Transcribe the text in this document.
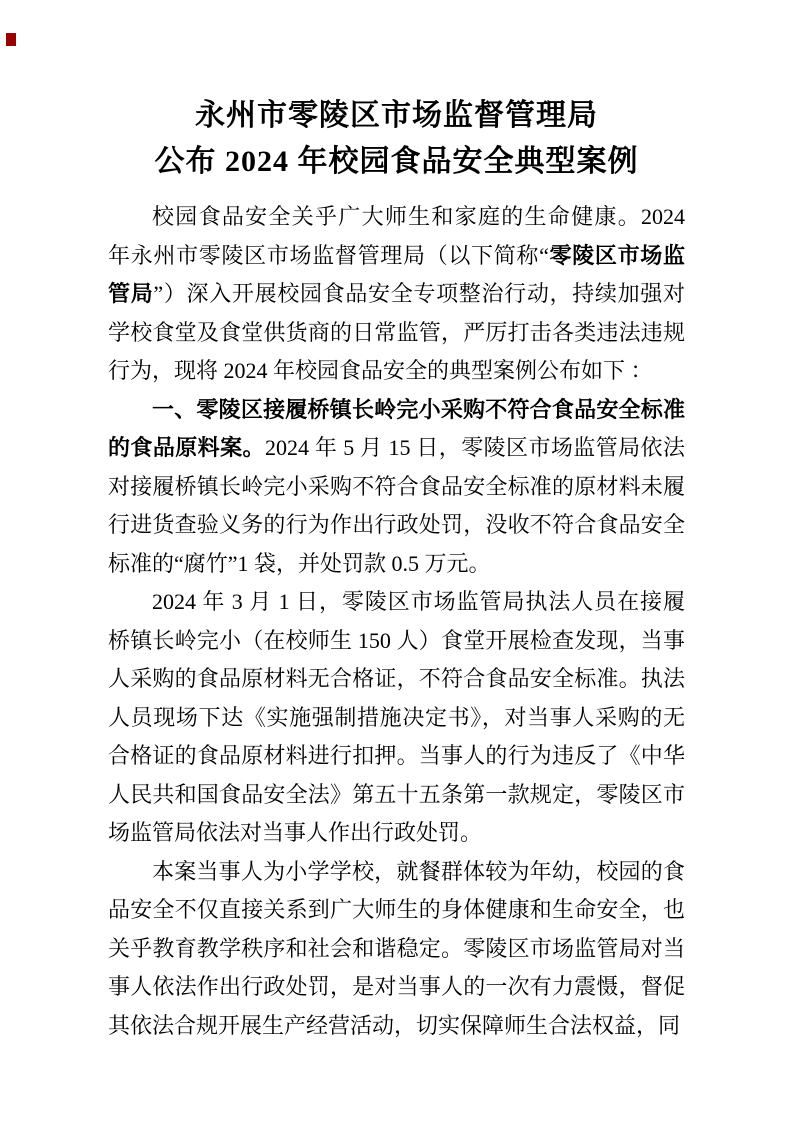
永州市零陵区市场监督管理局
公布 2024 年校园食品安全典型案例

校园食品安全关乎广大师生和家庭的生命健康。2024 年永州市零陵区市场监督管理局（以下简称“零陵区市场监管局”）深入开展校园食品安全专项整治行动，持续加强对学校食堂及食堂供货商的日常监管，严厉打击各类违法违规行为，现将 2024 年校园食品安全的典型案例公布如下 ：

一、零陵区接履桥镇长岭完小采购不符合食品安全标准的食品原料案。2024 年 5 月 15 日，零陵区市场监管局依法对接履桥镇长岭完小采购不符合食品安全标准的原材料未履行进货查验义务的行为作出行政处罚，没收不符合食品安全标准的“腐竹”1 袋，并处罚款 0.5 万元。

2024 年 3 月 1 日，零陵区市场监管局执法人员在接履桥镇长岭完小（在校师生 150 人）食堂开展检查发现，当事人采购的食品原材料无合格证，不符合食品安全标准。执法人员现场下达《实施强制措施决定书》，对当事人采购的无合格证的食品原材料进行扣押。当事人的行为违反了《中华人民共和国食品安全法》第五十五条第一款规定，零陵区市场监管局依法对当事人作出行政处罚。

本案当事人为小学学校，就餐群体较为年幼，校园的食品安全不仅直接关系到广大师生的身体健康和生命安全，也关乎教育教学秩序和社会和谐稳定。零陵区市场监管局对当事人依法作出行政处罚，是对当事人的一次有力震慑，督促其依法合规开展生产经营活动，切实保障师生合法权益，同
